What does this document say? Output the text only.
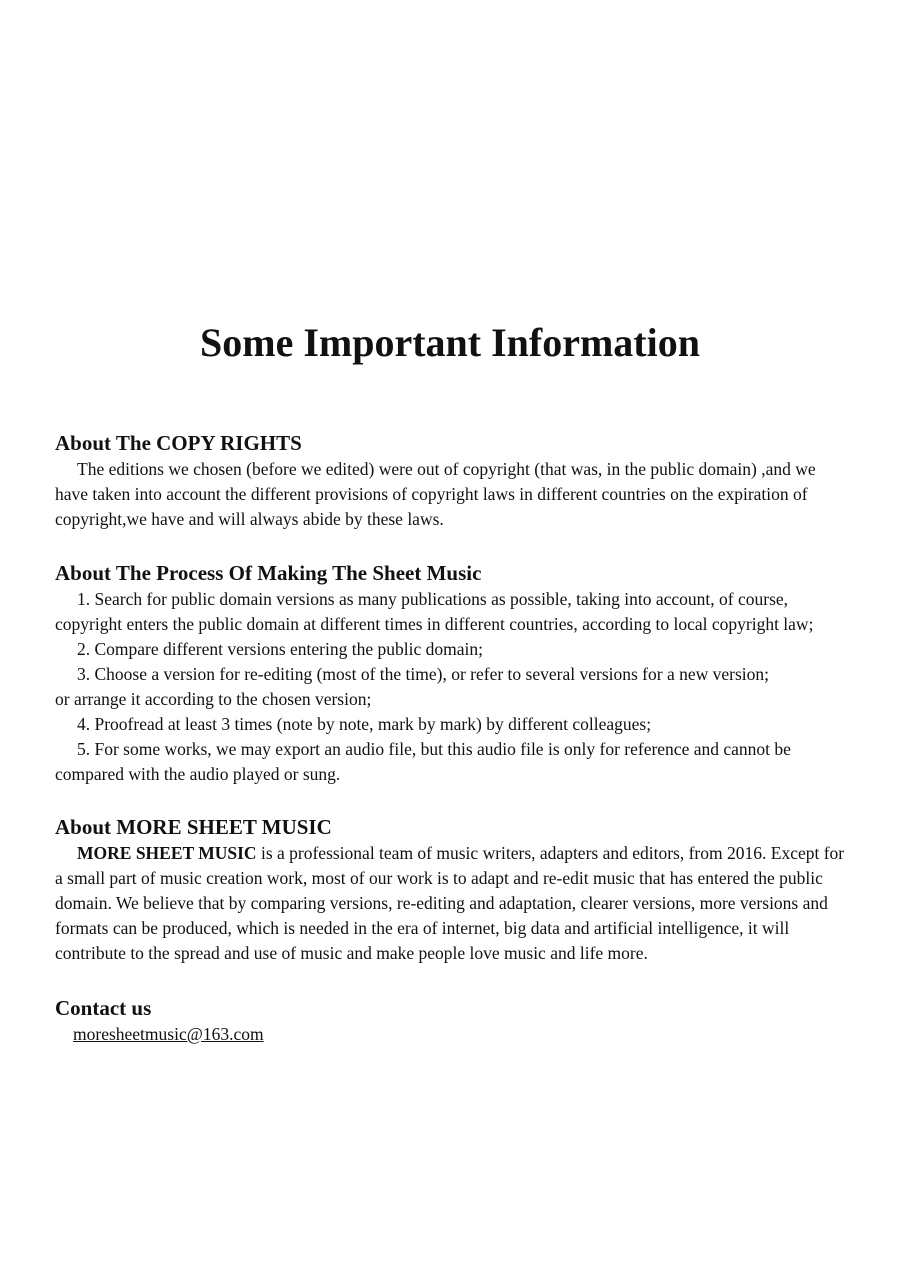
Some Important Information
About The COPY RIGHTS

The editions we chosen (before we edited) were out of copyright (that was, in the public domain) ,and we have taken into account the different provisions of copyright laws in different countries on the expiration of copyright,we have and will always abide by these laws.

About The Process Of Making The Sheet Music

1. Search for public domain versions as many publications as possible, taking into account, of course, copyright enters the public domain at different times in different countries, according to local copyright law;

2. Compare different versions entering the public domain;

3. Choose a version for re-editing (most of the time), or refer to several versions for a new version;
or arrange it according to the chosen version;

4. Proofread at least 3 times (note by note, mark by mark) by different colleagues;

5. For some works, we may export an audio file, but this audio file is only for reference and cannot be compared with the audio played or sung.

About MORE SHEET MUSIC

MORE SHEET MUSIC is a professional team of music writers, adapters and editors, from 2016. Except for a small part of music creation work, most of our work is to adapt and re-edit music that has entered the public domain. We believe that by comparing versions, re-editing and adaptation, clearer versions, more versions and formats can be produced, which is needed in the era of internet, big data and artificial intelligence, it will contribute to the spread and use of music and make people love music and life more.

Contact us
moresheetmusic@163.com
